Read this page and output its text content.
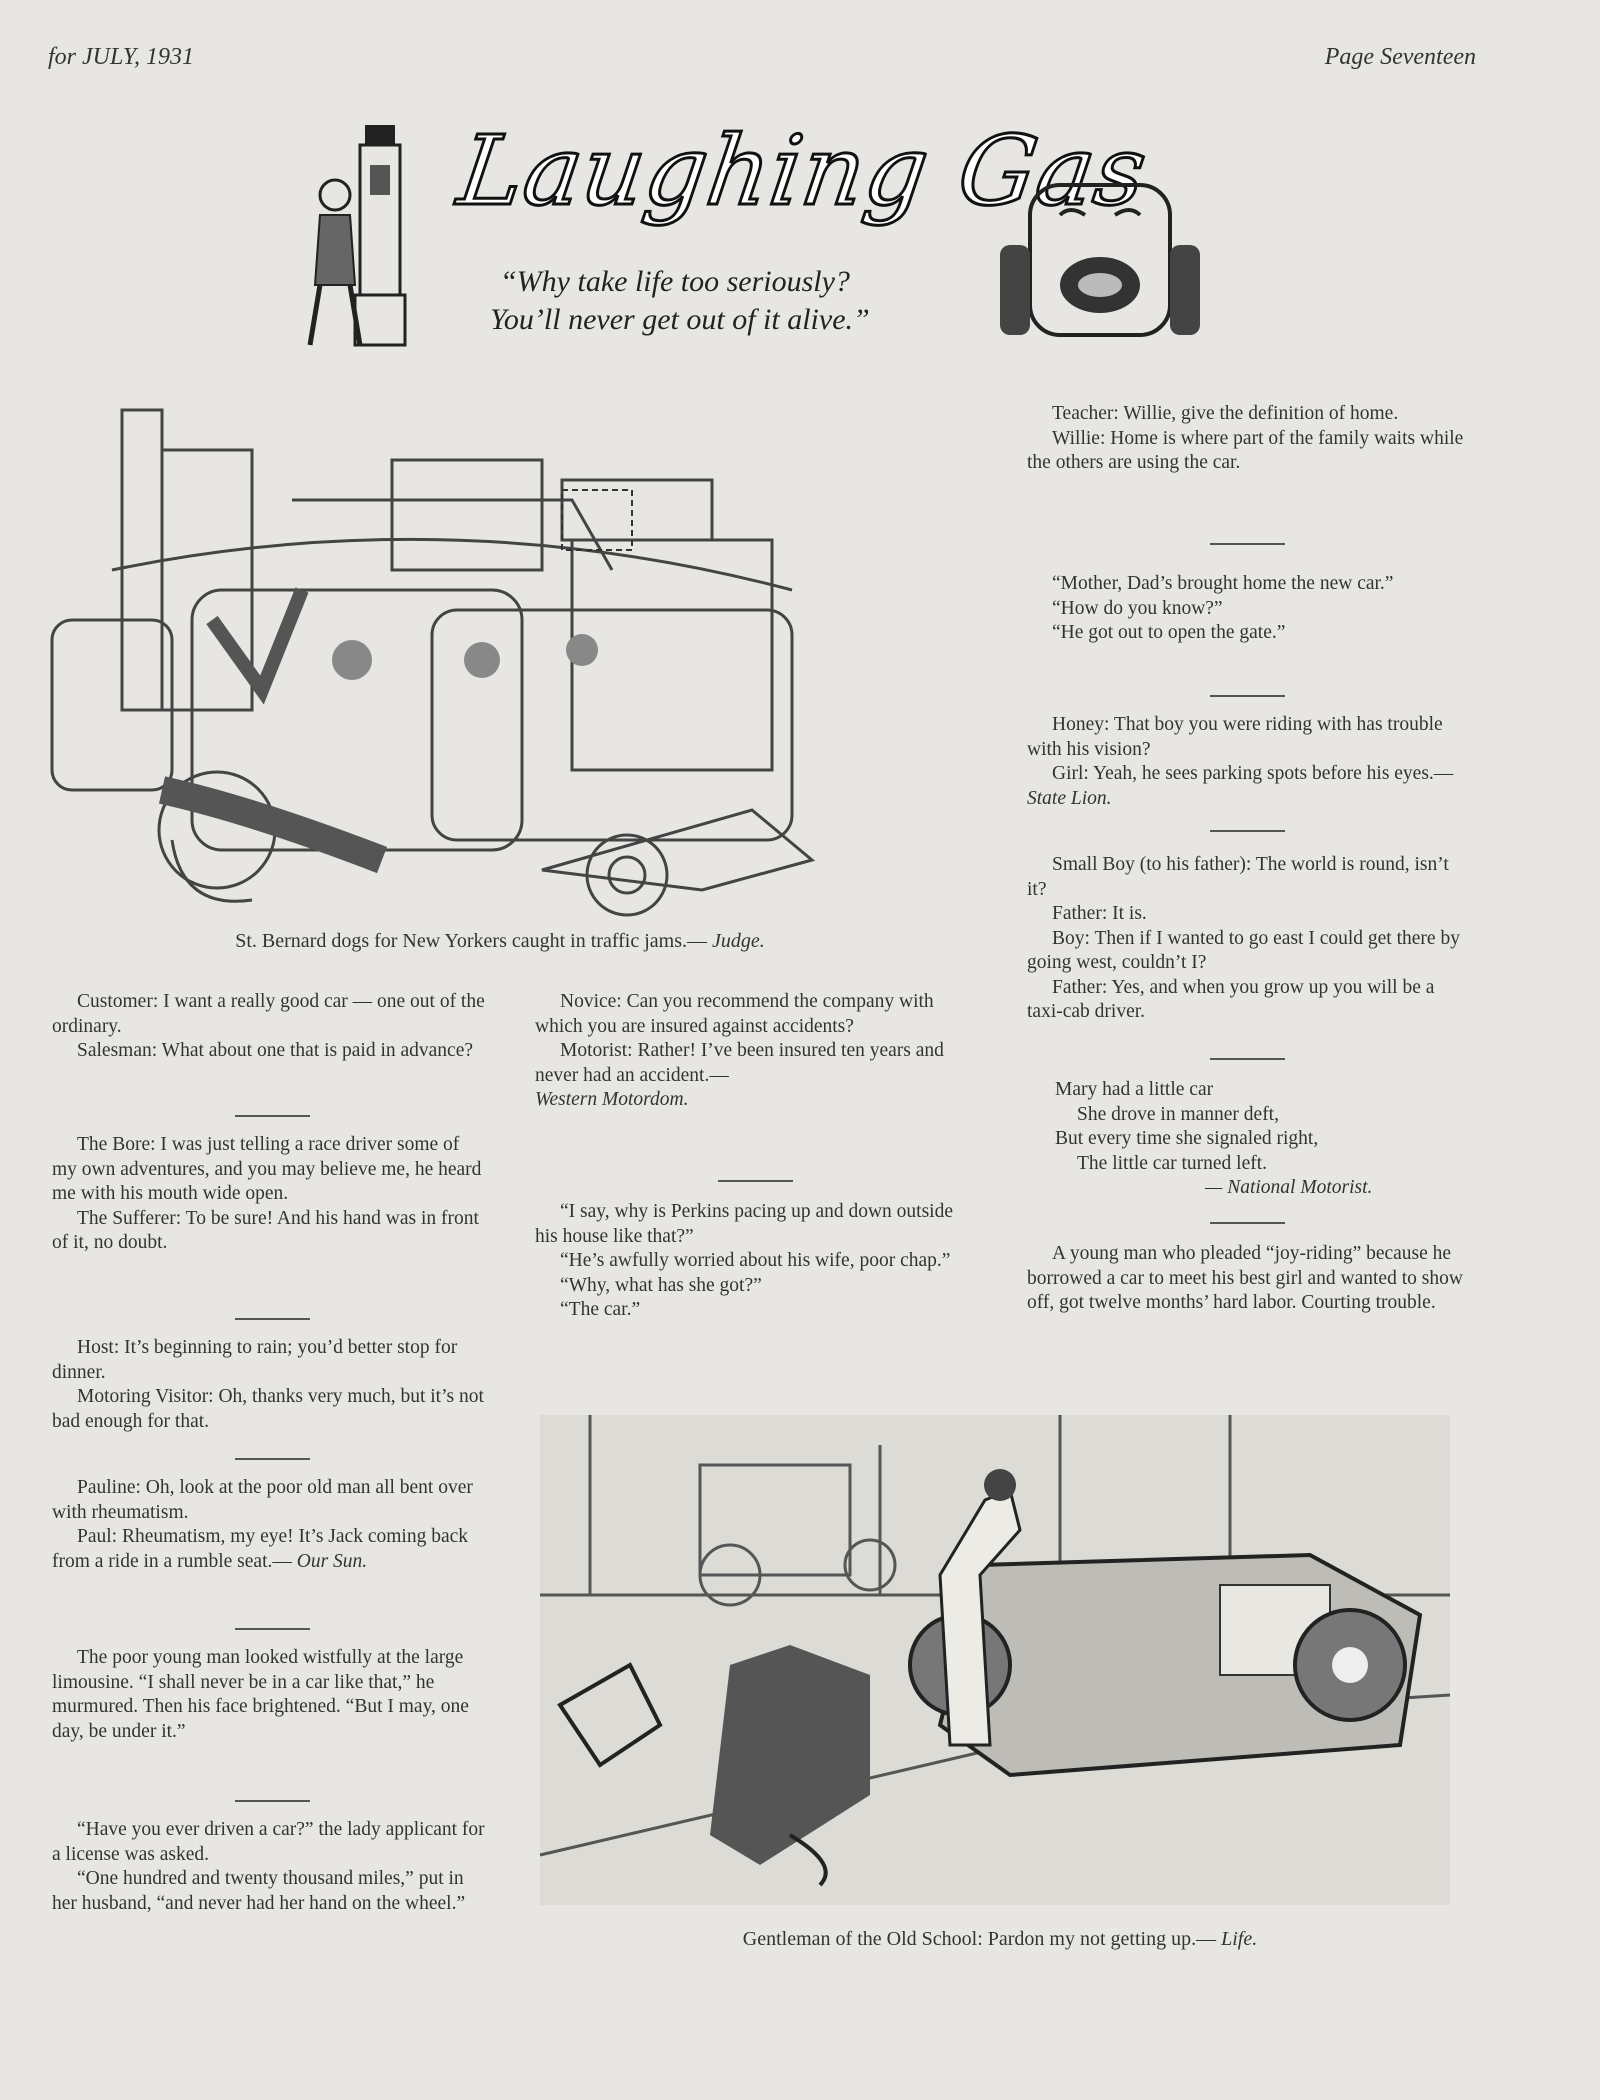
for JULY, 1931	Page Seventeen
Laughing Gas
“Why take life too seriously?
You’ll never get out of it alive.”
St. Bernard dogs for New Yorkers caught in traffic jams.— Judge.

Customer: I want a really good car — one out of the ordinary.

Salesman: What about one that is paid in advance?

The Bore: I was just telling a race driver some of my own adventures, and you may believe me, he heard me with his mouth wide open.

The Sufferer: To be sure! And his hand was in front of it, no doubt.

Host: It’s beginning to rain; you’d better stop for dinner.

Motoring Visitor: Oh, thanks very much, but it’s not bad enough for that.

Pauline: Oh, look at the poor old man all bent over with rheumatism.

Paul: Rheumatism, my eye! It’s Jack coming back from a ride in a rumble seat.— Our Sun.

The poor young man looked wistfully at the large limousine. “I shall never be in a car like that,” he murmured. Then his face brightened. “But I may, one day, be under it.”

“Have you ever driven a car?” the lady applicant for a license was asked.

“One hundred and twenty thousand miles,” put in her husband, “and never had her hand on the wheel.”

Novice: Can you recommend the company with which you are insured against accidents?

Motorist: Rather! I’ve been insured ten years and never had an accident.—

Western Motordom.

“I say, why is Perkins pacing up and down outside his house like that?”

“He’s awfully worried about his wife, poor chap.”

“Why, what has she got?”

“The car.”

Teacher: Willie, give the definition of home.

Willie: Home is where part of the family waits while the others are using the car.

“Mother, Dad’s brought home the new car.”

“How do you know?”

“He got out to open the gate.”

Honey: That boy you were riding with has trouble with his vision?

Girl: Yeah, he sees parking spots before his eyes.— State Lion.

Small Boy (to his father): The world is round, isn’t it?

Father: It is.

Boy: Then if I wanted to go east I could get there by going west, couldn’t I?

Father: Yes, and when you grow up you will be a taxi-cab driver.

Mary had a little car

She drove in manner deft,

But every time she signaled right,

The little car turned left.

— National Motorist.

A young man who pleaded “joy-riding” because he borrowed a car to meet his best girl and wanted to show off, got twelve months’ hard labor. Courting trouble.

Gentleman of the Old School: Pardon my not getting up.— Life.
